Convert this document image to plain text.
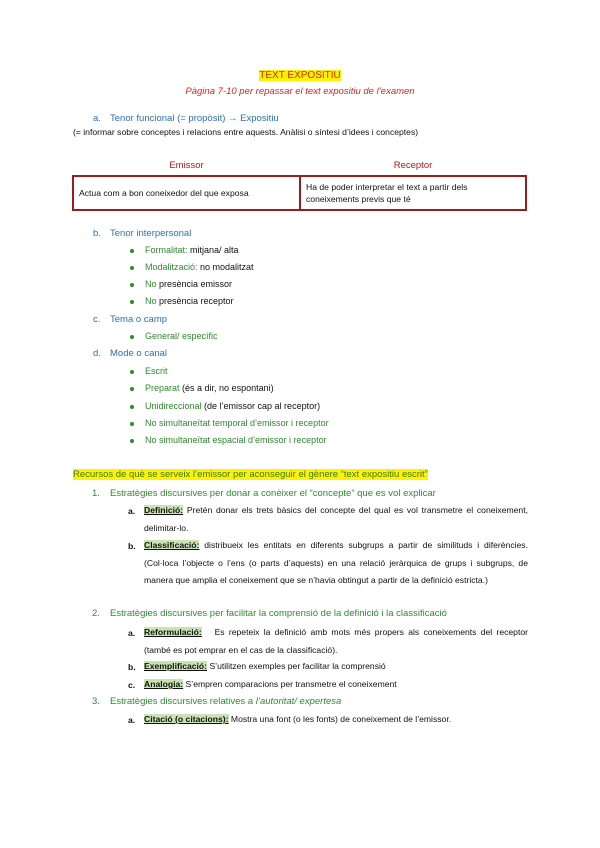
TEXT EXPOSITIU
Pàgina 7-10 per repassar el text expositiu de l’examen
a. Tenor funcional (= propòsit) → Expositiu
(= informar sobre conceptes i relacions entre aquests. Anàlisi o síntesi d’idees i conceptes)
Emissor	Receptor
Actua com a bon coneixedor del que exposa	Ha de poder interpretar el text a partir dels coneixements previs que té
b. Tenor interpersonal
Formalitat: mitjana/ alta
Modalització: no modalitzat
No presència emissor
No presència receptor
c. Tema o camp
General/ específic
d. Mode o canal
Escrit
Preparat (és a dir, no espontani)
Unidireccional (de l’emissor cap al receptor)
No simultaneïtat temporal d’emissor i receptor
No simultaneïtat espacial d’emissor i receptor
Recursos de què se serveix l’emissor per aconseguir el gènere “text expositiu escrit”
1. Estratègies discursives per donar a conèixer el “concepte” que es vol explicar
a. Definició: Pretén donar els trets bàsics del concepte del qual es vol transmetre el coneixement, delimitar-lo.
b. Classificació: distribueix les entitats en diferents subgrups a partir de similituds i diferències. (Col·loca l’objecte o l’ens (o parts d’aquests) en una relació jeràrquica de grups i subgrups, de manera que amplia el coneixement que se n’havia obtingut a partir de la definició estricta.)
2. Estratègies discursives per facilitar la comprensió de la definició i la classificació
a. Reformulació: Es repeteix la definició amb mots més propers als coneixements del receptor (també es pot emprar en el cas de la classificació).
b. Exemplificació: S’utilitzen exemples per facilitar la comprensió
c. Analogia: S’empren comparacions per transmetre el coneixement
3. Estratègies discursives relatives a l’autoritat/ expertesa
a. Citació (o citacions): Mostra una font (o les fonts) de coneixement de l’emissor.
